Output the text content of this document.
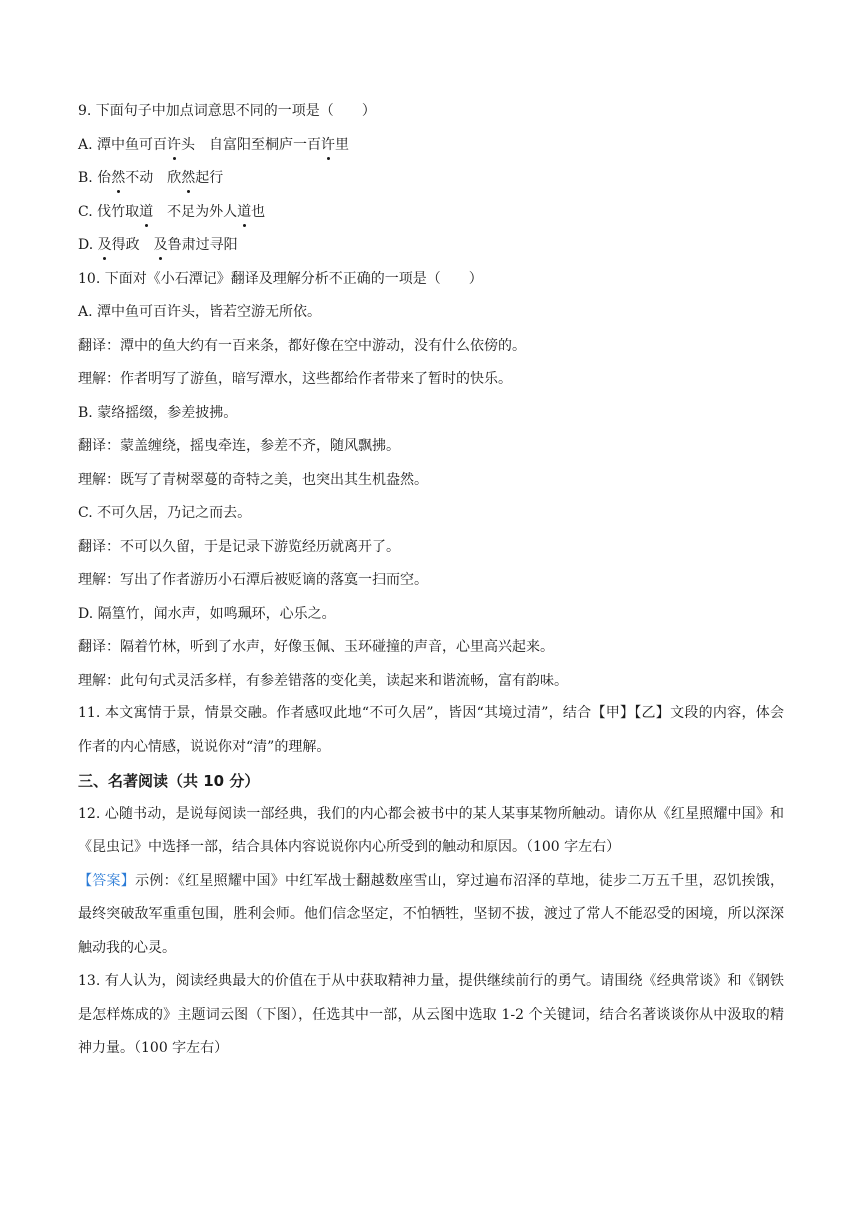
9. 下面句子中加点词意思不同的一项是（ ）
A. 潭中鱼可百许头 自富阳至桐庐一百许里
B. 佁然不动 欣然起行
C. 伐竹取道 不足为外人道也
D. 及得政 及鲁肃过寻阳
10. 下面对《小石潭记》翻译及理解分析不正确的一项是（ ）
A. 潭中鱼可百许头，皆若空游无所依。
翻译：潭中的鱼大约有一百来条，都好像在空中游动，没有什么依傍的。
理解：作者明写了游鱼，暗写潭水，这些都给作者带来了暂时的快乐。
B. 蒙络摇缀，参差披拂。
翻译：蒙盖缠绕，摇曳牵连，参差不齐，随风飘拂。
理解：既写了青树翠蔓的奇特之美，也突出其生机盎然。
C. 不可久居，乃记之而去。
翻译：不可以久留，于是记录下游览经历就离开了。
理解：写出了作者游历小石潭后被贬谪的落寞一扫而空。
D. 隔篁竹，闻水声，如鸣珮环，心乐之。
翻译：隔着竹林，听到了水声，好像玉佩、玉环碰撞的声音，心里高兴起来。
理解：此句句式灵活多样，有参差错落的变化美，读起来和谐流畅，富有韵味。
11. 本文寓情于景，情景交融。作者感叹此地“不可久居”，皆因“其境过清”，结合【甲】【乙】文段的内容，体会作者的内心情感，说说你对“清”的理解。
三、名著阅读（共 10 分）
12. 心随书动，是说每阅读一部经典，我们的内心都会被书中的某人某事某物所触动。请你从《红星照耀中国》和《昆虫记》中选择一部，结合具体内容说说你内心所受到的触动和原因。（100 字左右）
【答案】示例：《红星照耀中国》中红军战士翻越数座雪山，穿过遍布沼泽的草地，徒步二万五千里，忍饥挨饿，最终突破敌军重重包围，胜利会师。他们信念坚定，不怕牺牲，坚韧不拔，渡过了常人不能忍受的困境，所以深深触动我的心灵。
13. 有人认为，阅读经典最大的价值在于从中获取精神力量，提供继续前行的勇气。请围绕《经典常谈》和《钢铁是怎样炼成的》主题词云图（下图），任选其中一部，从云图中选取 1-2 个关键词，结合名著谈谈你从中汲取的精神力量。（100 字左右）
